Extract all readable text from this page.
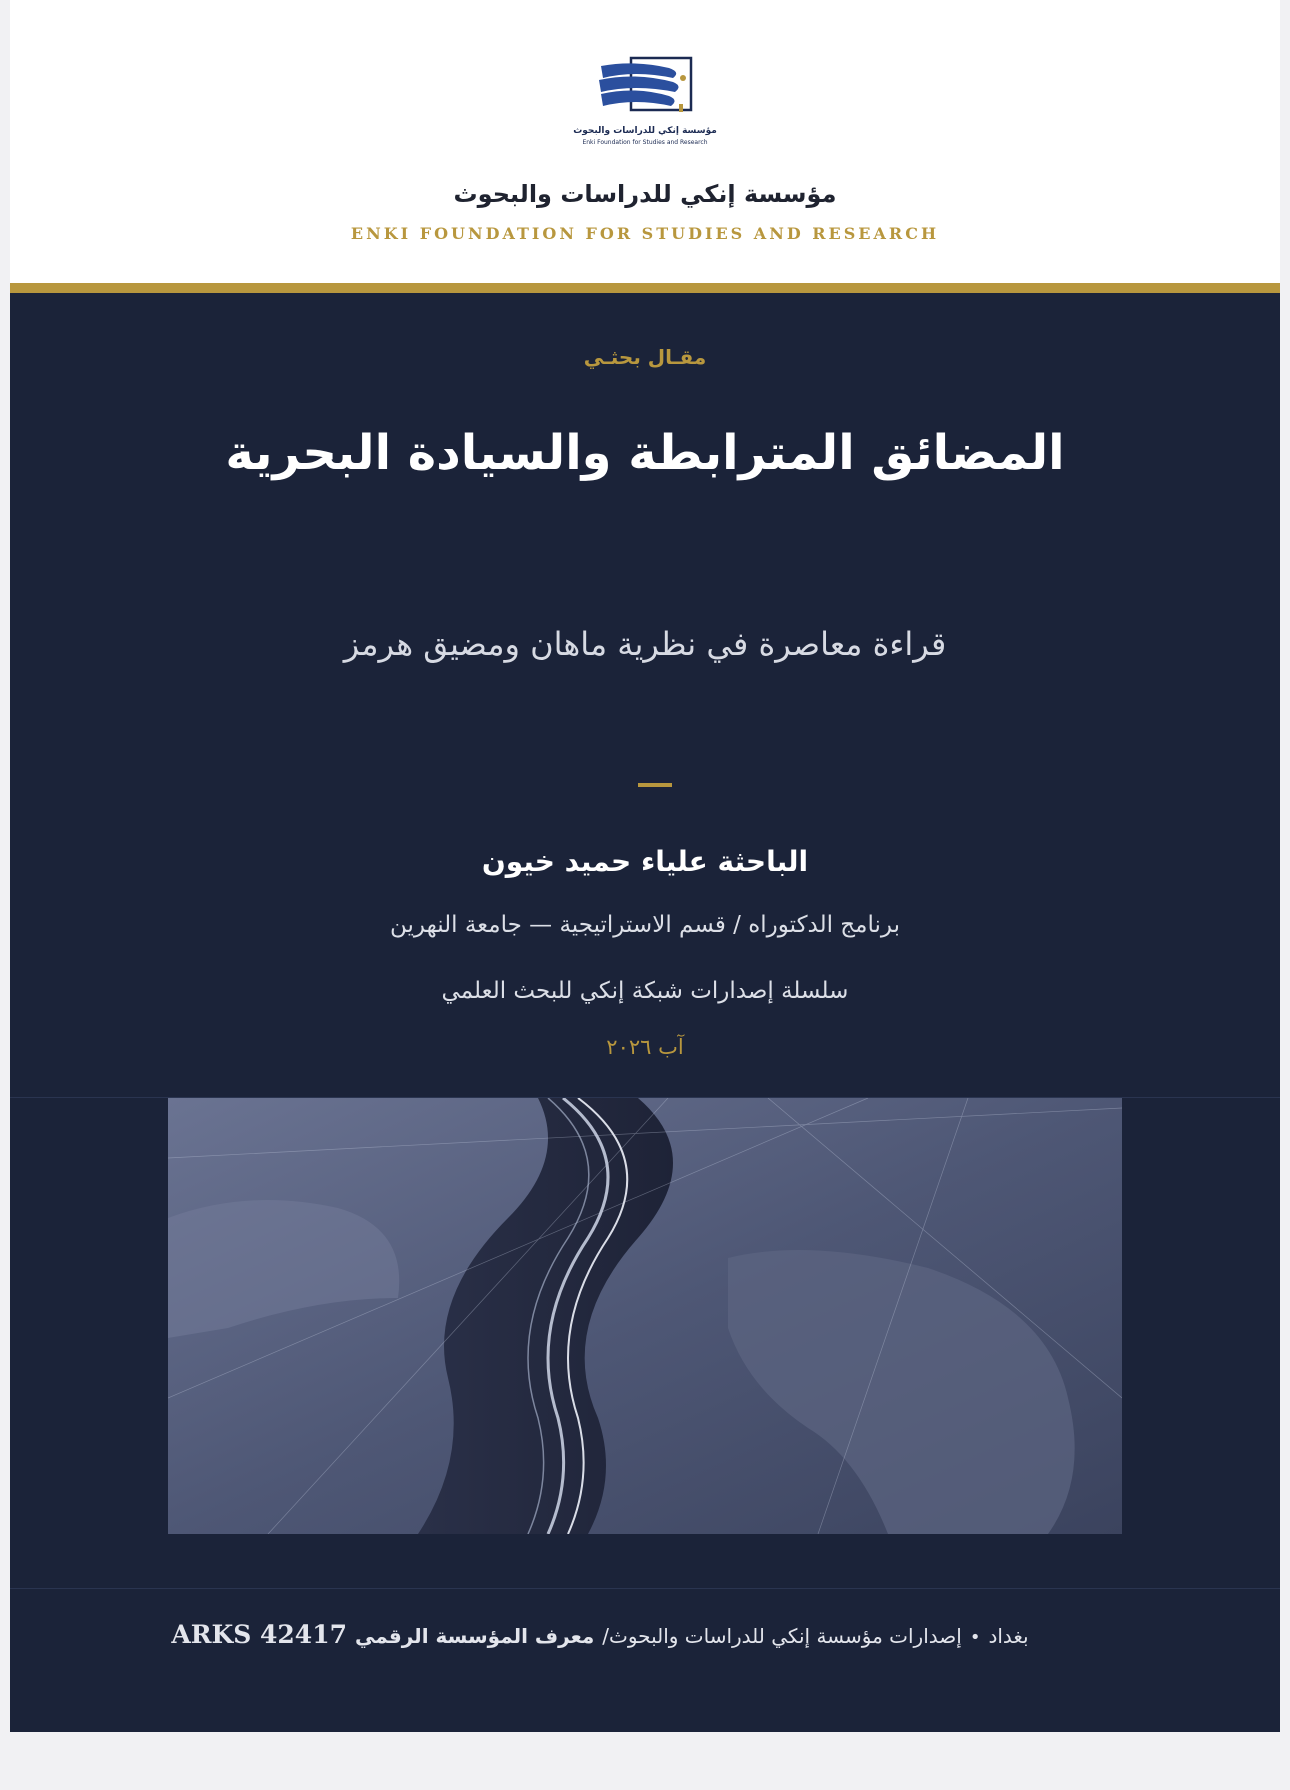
مؤسسة إنكي للدراسات والبحوث
Enki Foundation for Studies and Research
مؤسسة إنكي للدراسات والبحوث
ENKI FOUNDATION FOR STUDIES AND RESEARCH
مقـال بحثـي
المضائق المترابطة والسيادة البحرية
قراءة معاصرة في نظرية ماهان ومضيق هرمز
الباحثة علياء حميد خيون
برنامج الدكتوراه / قسم الاستراتيجية — جامعة النهرين
سلسلة إصدارات شبكة إنكي للبحث العلمي
آب ٢٠٢٦
بغداد•إصدارات مؤسسة إنكي للدراسات والبحوث/معرف المؤسسة الرقميARKS 42417
